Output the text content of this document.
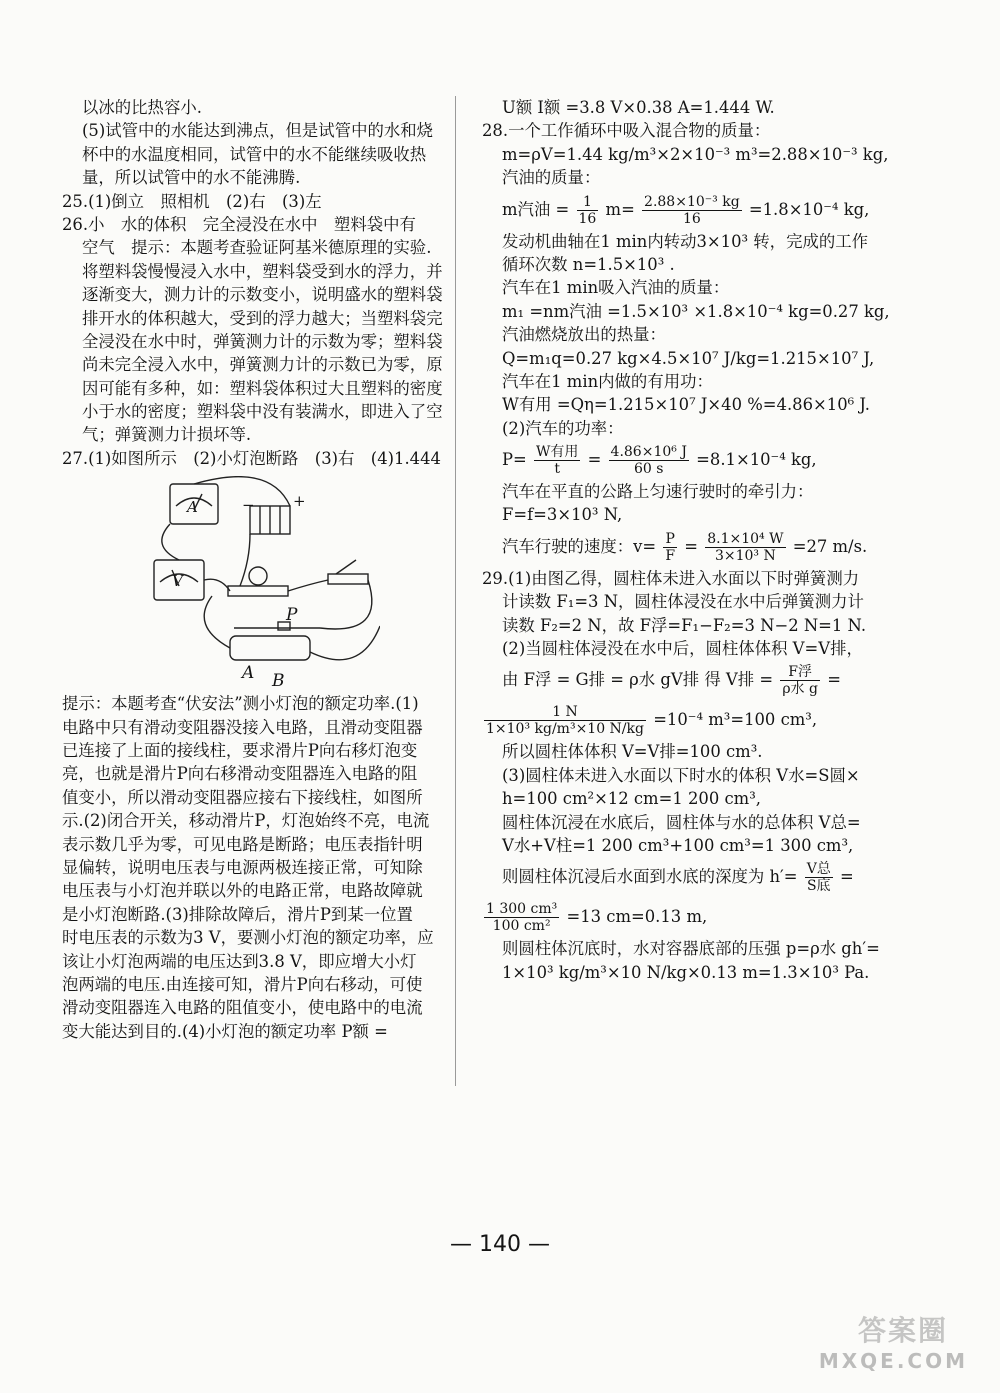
以冰的比热容小.
(5)试管中的水能达到沸点，但是试管中的水和烧
杯中的水温度相同，试管中的水不能继续吸收热
量，所以试管中的水不能沸腾.
25.(1)倒立　照相机　(2)右　(3)左
26.小　水的体积　完全浸没在水中　塑料袋中有
空气　提示：本题考查验证阿基米德原理的实验.
将塑料袋慢慢浸入水中，塑料袋受到水的浮力，并
逐渐变大，测力计的示数变小，说明盛水的塑料袋
排开水的体积越大，受到的浮力越大；当塑料袋完
全浸没在水中时，弹簧测力计的示数为零；塑料袋
尚未完全浸入水中，弹簧测力计的示数已为零，原
因可能有多种，如：塑料袋体积过大且塑料的密度
小于水的密度；塑料袋中没有装满水，即进入了空
气；弹簧测力计损坏等.
27.(1)如图所示　(2)小灯泡断路　(3)右　(4)1.444
A
V
P
A B
+
−
提示：本题考查“伏安法”测小灯泡的额定功率.(1)
电路中只有滑动变阻器没接入电路，且滑动变阻器
已连接了上面的接线柱，要求滑片P向右移灯泡变
亮，也就是滑片P向右移滑动变阻器连入电路的阻
值变小，所以滑动变阻器应接右下接线柱，如图所
示.(2)闭合开关，移动滑片P，灯泡始终不亮，电流
表示数几乎为零，可见电路是断路；电压表指针明
显偏转，说明电压表与电源两极连接正常，可知除
电压表与小灯泡并联以外的电路正常，电路故障就
是小灯泡断路.(3)排除故障后，滑片P到某一位置
时电压表的示数为3 V，要测小灯泡的额定功率，应
该让小灯泡两端的电压达到3.8 V，即应增大小灯
泡两端的电压.由连接可知，滑片P向右移动，可使
滑动变阻器连入电路的阻值变小，使电路中的电流
变大能达到目的.(4)小灯泡的额定功率 P额 =
U额 I额 =3.8 V×0.38 A=1.444 W.
28.一个工作循环中吸入混合物的质量：
m=ρV=1.44 kg/m³×2×10⁻³ m³=2.88×10⁻³ kg,
汽油的质量：
m汽油 = $\frac{1}{16} m= \frac{\text{2.88×10⁻³ kg}}{16} =1.8\times 10^{-4}$ kg,
发动机曲轴在1 min内转动3×10³ 转，完成的工作
循环次数 n=1.5×10³ .
汽车在1 min吸入汽油的质量：
m₁ =nm汽油 =1.5×10³ ×1.8×10⁻⁴ kg=0.27 kg,
汽油燃烧放出的热量：
Q=m₁q=0.27 kg×4.5×10⁷ J/kg=1.215×10⁷ J,
汽车在1 min内做的有用功：
W有用 =Qη=1.215×10⁷ J×40 %=4.86×10⁶ J.
(2)汽车的功率：
$P= \frac{\text{W有用}}{t} = \frac{\text{4.86×10⁶ J}}{60 s} =8.1\times 10^{-4}$ kg,
汽车在平直的公路上匀速行驶时的牵引力：
F=f=3×10³ N,
汽车行驶的速度：$v= \frac{P}{F} = \frac{\text{8.1×10⁴ W}}{\text{3×10³ N}} =27$ m/s.
29.(1)由图乙得，圆柱体未进入水面以下时弹簧测力
计读数 F₁=3 N，圆柱体浸没在水中后弹簧测力计
读数 F₂=2 N，故 F浮=F₁−F₂=3 N−2 N=1 N.
(2)当圆柱体浸没在水中后，圆柱体体积 V=V排，
由 F浮 = G排 = ρ水 gV排 得 V排 = $\frac{\text{F浮}}{\text{ρ水 g}}$ =
$\frac{1 N}{\text{1×10³ kg/m³×10 N/kg}} =10^{-4}$ m³=100 cm³,
所以圆柱体体积 V=V排=100 cm³.
(3)圆柱体未进入水面以下时水的体积 V水=S圆×
h=100 cm²×12 cm=1 200 cm³,
圆柱体沉浸在水底后，圆柱体与水的总体积 V总=
V水+V柱=1 200 cm³+100 cm³=1 300 cm³,
则圆柱体沉浸后水面到水底的深度为 $h'= \frac{\text{V总}}{\text{S底}}$ =
$\frac{\text{1 300 cm³}}{\text{100 cm²}} =13$ cm=0.13 m,
则圆柱体沉底时，水对容器底部的压强 p=ρ水 gh′=
1×10³ kg/m³×10 N/kg×0.13 m=1.3×10³ Pa.
— 140 —
答案圈
MXQE.COM
